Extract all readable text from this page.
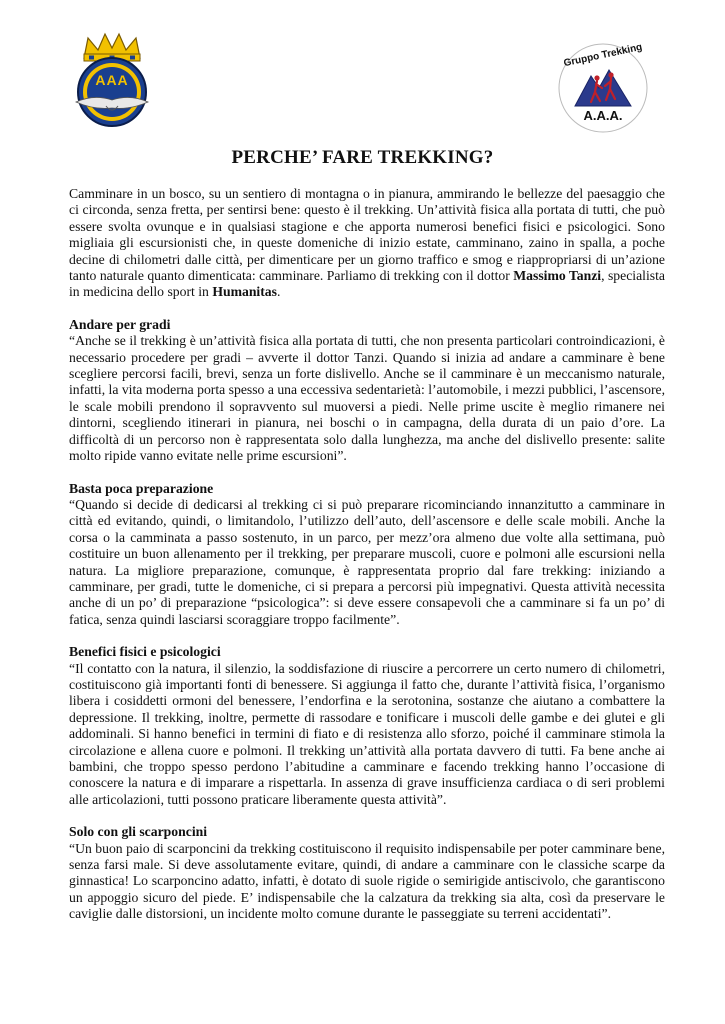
AAA
Gruppo Trekking
A.A.A.
PERCHE’ FARE TREKKING?

Camminare in un bosco, su un sentiero di montagna o in pianura, ammirando le bellezze del paesaggio che ci circonda, senza fretta, per sentirsi bene: questo è il trekking. Un’attività fisica alla portata di tutti, che può essere svolta ovunque e in qualsiasi stagione e che apporta numerosi benefici fisici e psicologici. Sono migliaia gli escursionisti che, in queste domeniche di inizio estate, camminano, zaino in spalla, a poche decine di chilometri dalle città, per dimenticare per un giorno traffico e smog e riappropriarsi di un’azione tanto naturale quanto dimenticata: camminare. Parliamo di trekking con il dottor Massimo Tanzi, specialista in medicina dello sport in Humanitas.

Andare per gradi

“Anche se il trekking è un’attività fisica alla portata di tutti, che non presenta particolari controindicazioni, è necessario procedere per gradi – avverte il dottor Tanzi. Quando si inizia ad andare a camminare è bene scegliere percorsi facili, brevi, senza un forte dislivello. Anche se il camminare è un meccanismo naturale, infatti, la vita moderna porta spesso a una eccessiva sedentarietà: l’automobile, i mezzi pubblici, l’ascensore, le scale mobili prendono il sopravvento sul muoversi a piedi. Nelle prime uscite è meglio rimanere nei dintorni, scegliendo itinerari in pianura, nei boschi o in campagna, della durata di un paio d’ore. La difficoltà di un percorso non è rappresentata solo dalla lunghezza, ma anche del dislivello presente: salite molto ripide vanno evitate nelle prime escursioni”.

Basta poca preparazione

“Quando si decide di dedicarsi al trekking ci si può preparare ricominciando innanzitutto a camminare in città ed evitando, quindi, o limitandolo, l’utilizzo dell’auto, dell’ascensore e delle scale mobili. Anche la corsa o la camminata a passo sostenuto, in un parco, per mezz’ora almeno due volte alla settimana, può costituire un buon allenamento per il trekking, per preparare muscoli, cuore e polmoni alle escursioni nella natura. La migliore preparazione, comunque, è rappresentata proprio dal fare trekking: iniziando a camminare, per gradi, tutte le domeniche, ci si prepara a percorsi più impegnativi. Questa attività necessita anche di un po’ di preparazione “psicologica”: si deve essere consapevoli che a camminare si fa un po’ di fatica, senza quindi lasciarsi scoraggiare troppo facilmente”.

Benefici fisici e psicologici

“Il contatto con la natura, il silenzio, la soddisfazione di riuscire a percorrere un certo numero di chilometri, costituiscono già importanti fonti di benessere. Si aggiunga il fatto che, durante l’attività fisica, l’organismo libera i cosiddetti ormoni del benessere, l’endorfina e la serotonina, sostanze che aiutano a combattere la depressione. Il trekking, inoltre, permette di rassodare e tonificare i muscoli delle gambe e dei glutei e gli addominali. Si hanno benefici in termini di fiato e di resistenza allo sforzo, poiché il camminare stimola la circolazione e allena cuore e polmoni. Il trekking un’attività alla portata davvero di tutti. Fa bene anche ai bambini, che troppo spesso perdono l’abitudine a camminare e facendo trekking hanno l’occasione di conoscere la natura e di imparare a rispettarla. In assenza di grave insufficienza cardiaca o di seri problemi alle articolazioni, tutti possono praticare liberamente questa attività”.

Solo con gli scarponcini

“Un buon paio di scarponcini da trekking costituiscono il requisito indispensabile per poter camminare bene, senza farsi male. Si deve assolutamente evitare, quindi, di andare a camminare con le classiche scarpe da ginnastica! Lo scarponcino adatto, infatti, è dotato di suole rigide o semirigide antiscivolo, che garantiscono un appoggio sicuro del piede. E’ indispensabile che la calzatura da trekking sia alta, così da preservare le caviglie dalle distorsioni, un incidente molto comune durante le passeggiate su terreni accidentati”.
